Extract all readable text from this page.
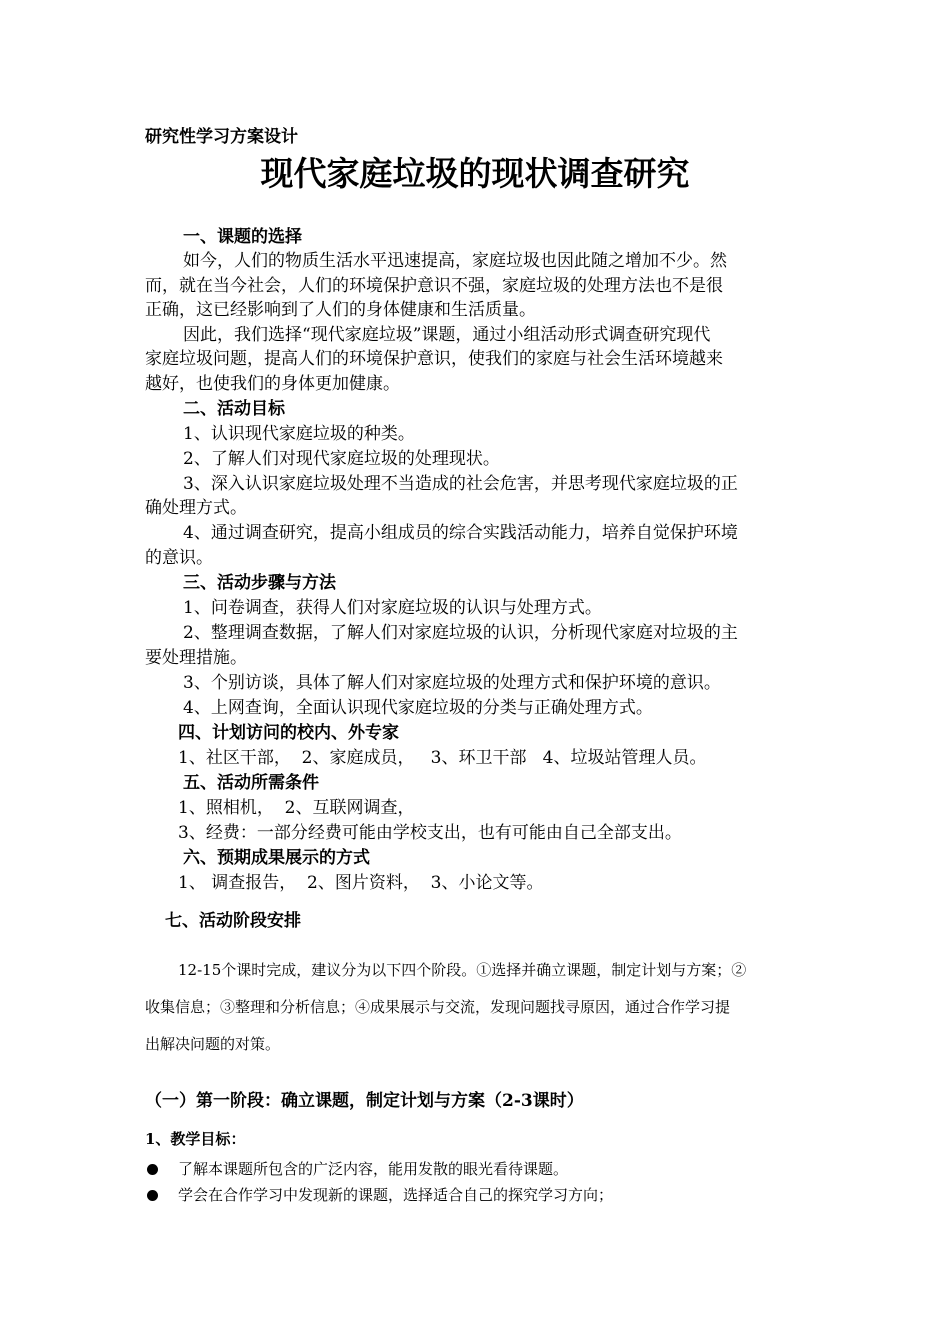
研究性学习方案设计
现代家庭垃圾的现状调查研究
一、课题的选择
如今，人们的物质生活水平迅速提高，家庭垃圾也因此随之增加不少。然
而，就在当今社会，人们的环境保护意识不强，家庭垃圾的处理方法也不是很
正确，这已经影响到了人们的身体健康和生活质量。
因此，我们选择“现代家庭垃圾”课题，通过小组活动形式调查研究现代
家庭垃圾问题，提高人们的环境保护意识，使我们的家庭与社会生活环境越来
越好，也使我们的身体更加健康。
二、活动目标
1、认识现代家庭垃圾的种类。
2、了解人们对现代家庭垃圾的处理现状。
3、深入认识家庭垃圾处理不当造成的社会危害，并思考现代家庭垃圾的正
确处理方式。
4、通过调查研究，提高小组成员的综合实践活动能力，培养自觉保护环境
的意识。
三、活动步骤与方法
1、问卷调查，获得人们对家庭垃圾的认识与处理方式。
2、整理调查数据，了解人们对家庭垃圾的认识，分析现代家庭对垃圾的主
要处理措施。
3、个别访谈，具体了解人们对家庭垃圾的处理方式和保护环境的意识。
4、上网查询，全面认识现代家庭垃圾的分类与正确处理方式。
四、计划访问的校内、外专家
1、社区干部，  2、家庭成员，   3、环卫干部   4、垃圾站管理人员。
五、活动所需条件
1、照相机，  2、互联网调查，
3、经费：一部分经费可能由学校支出，也有可能由自己全部支出。
六、预期成果展示的方式
1、 调查报告，  2、图片资料，  3、小论文等。
七、活动阶段安排
12-15个课时完成，建议分为以下四个阶段。①选择并确立课题，制定计划与方案；②
收集信息；③整理和分析信息；④成果展示与交流，发现问题找寻原因，通过合作学习提
出解决问题的对策。
（一）第一阶段：确立课题，制定计划与方案（2-3课时）
1、教学目标：
了解本课题所包含的广泛内容，能用发散的眼光看待课题。
学会在合作学习中发现新的课题，选择适合自己的探究学习方向；
